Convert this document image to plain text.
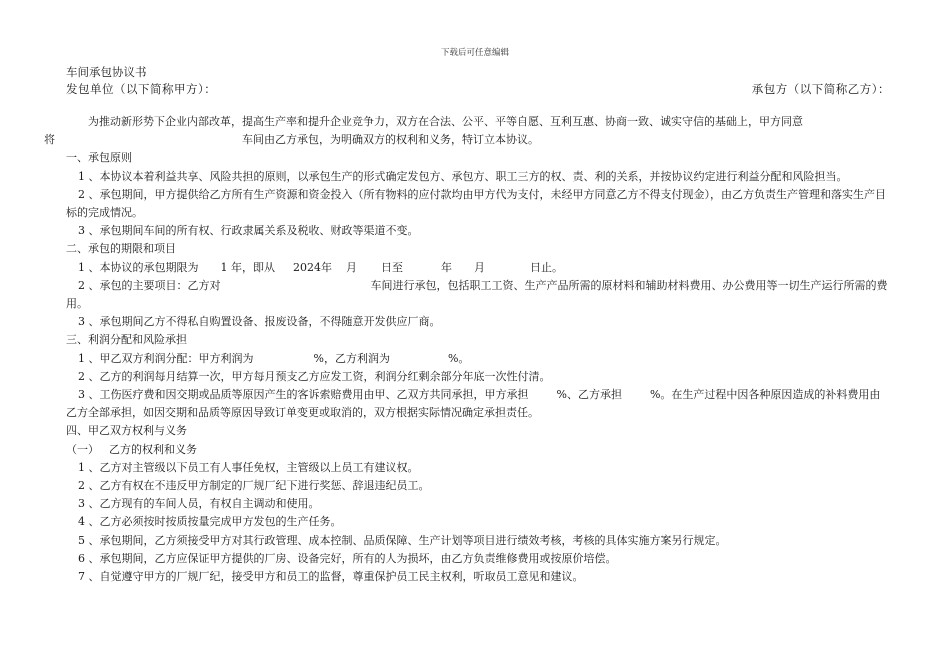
下载后可任意编辑
车间承包协议书
发包单位（以下简称甲方）：	承包方（以下简称乙方）：

为推动新形势下企业内部改革，提高生产率和提升企业竞争力，双方在合法、公平、平等自愿、互利互惠、协商一致、诚实守信的基础上，甲方同意
将	车间由乙方承包，为明确双方的权利和义务，特订立本协议。

一、承包原则

1 、本协议本着利益共享、风险共担的原则，以承包生产的形式确定发包方、承包方、职工三方的权、责、利的关系，并按协议约定进行利益分配和风险担当。

2 、承包期间，甲方提供给乙方所有生产资源和资金投入（所有物料的应付款均由甲方代为支付，未经甲方同意乙方不得支付现金），由乙方负责生产管理和落实生产目标的完成情况。

3 、承包期间车间的所有权、行政隶属关系及税收、财政等渠道不变。

二、承包的期限和项目

1 、本协议的承包期限为 1 年，即从 2024年 月 日至	年 月	日止。

2 、承包的主要项目：乙方对	车间进行承包，包括职工工资、生产产品所需的原材料和辅助材料费用、办公费用等一切生产运行所需的费用。

3 、承包期间乙方不得私自购置设备、报废设备，不得随意开发供应厂商。

三、利润分配和风险承担

1 、甲乙双方利润分配：甲方利润为	%，乙方利润为	%。

2 、乙方的利润每月结算一次，甲方每月预支乙方应发工资，利润分红剩余部分年底一次性付清。

3 、工伤医疗费和因交期或品质等原因产生的客诉索赔费用由甲、乙双方共同承担，甲方承担	%、乙方承担	%。在生产过程中因各种原因造成的补料费用由乙方全部承担，如因交期和品质等原因导致订单变更或取消的，双方根据实际情况确定承担责任。

四、甲乙双方权利与义务

（一） 乙方的权利和义务

1 、乙方对主管级以下员工有人事任免权，主管级以上员工有建议权。

2 、乙方有权在不违反甲方制定的厂规厂纪下进行奖惩、辞退违纪员工。

3 、乙方现有的车间人员，有权自主调动和使用。

4 、乙方必须按时按质按量完成甲方发包的生产任务。

5 、承包期间，乙方须接受甲方对其行政管理、成本控制、品质保障、生产计划等项目进行绩效考核，考核的具体实施方案另行规定。

6 、承包期间，乙方应保证甲方提供的厂房、设备完好，所有的人为损坏，由乙方负责维修费用或按原价培偿。

7 、自觉遵守甲方的厂规厂纪，接受甲方和员工的监督，尊重保护员工民主权利，听取员工意见和建议。
